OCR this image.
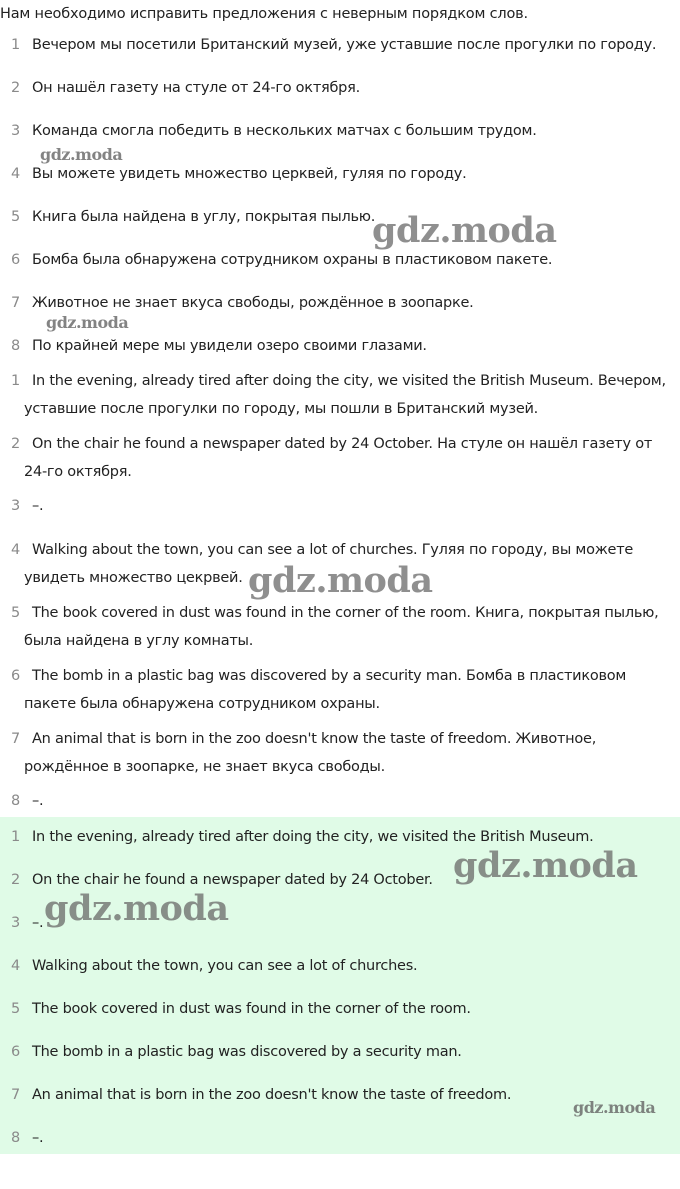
Нам необходимо исправить предложения с неверным порядком слов.
1 Вечером мы посетили Британский музей, уже уставшие после прогулки по городу.
2 Он нашёл газету на стуле от 24-го октября.
3 Команда смогла победить в нескольких матчах с большим трудом.
4 Вы можете увидеть множество церквей, гуляя по городу.
5 Книга была найдена в углу, покрытая пылью.
6 Бомба была обнаружена сотрудником охраны в пластиковом пакете.
7 Животное не знает вкуса свободы, рождённое в зоопарке.
8 По крайней мере мы увидели озеро своими глазами.
1 In the evening, already tired after doing the city, we visited the British Museum. Вечером, уставшие после прогулки по городу, мы пошли в Британский музей.
2 On the chair he found a newspaper dated by 24 October. На стуле он нашёл газету от 24-го октября.
3 –.
4 Walking about the town, you can see a lot of churches. Гуляя по городу, вы можете увидеть множество цекрвей.
5 The book covered in dust was found in the corner of the room. Книга, покрытая пылью, была найдена в углу комнаты.
6 The bomb in a plastic bag was discovered by a security man. Бомба в пластиковом пакете была обнаружена сотрудником охраны.
7 An animal that is born in the zoo doesn't know the taste of freedom. Животное, рождённое в зоопарке, не знает вкуса свободы.
8 –.
1 In the evening, already tired after doing the city, we visited the British Museum.
2 On the chair he found a newspaper dated by 24 October.
3 –.
4 Walking about the town, you can see a lot of churches.
5 The book covered in dust was found in the corner of the room.
6 The bomb in a plastic bag was discovered by a security man.
7 An animal that is born in the zoo doesn't know the taste of freedom.
8 –.
gdz.moda
gdz.moda
gdz.moda
gdz.moda
gdz.moda
gdz.moda
gdz.moda
